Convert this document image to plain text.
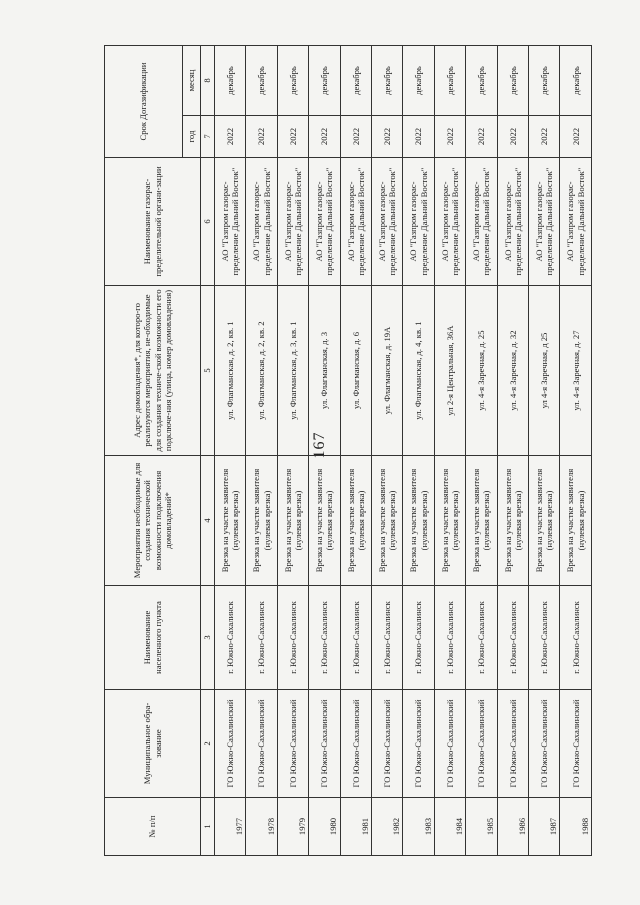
167
№ п/п	Муниципальное обра-зование	Наименование населенного пункта	Мероприятия необходимые для создания технической возможности подключения домовладений*	Адрес домовладения*, для которо-го реализуются мероприятия, не-обходимые для создания техниче-ской возможности его подключе-ния (улица, номер домовладения)	Наименование газорас-пределительной органи-зации	Срок Догазификации	
						год	месяц
1	2	3	4	5	6	7	8
1977	ГО Южно-Сахалинский	г. Южно-Сахалинск	Врезка на участке заявителя (нулевая врезка)	ул. Флагманская, д. 2, кв. 1	АО "Газпром газорас-пределение Дальний Восток"	2022	декабрь
1978	ГО Южно-Сахалинский	г. Южно-Сахалинск	Врезка на участке заявителя (нулевая врезка)	ул. Флагманская, д. 2, кв. 2	АО "Газпром газорас-пределение Дальний Восток"	2022	декабрь
1979	ГО Южно-Сахалинский	г. Южно-Сахалинск	Врезка на участке заявителя (нулевая врезка)	ул. Флагманская, д. 3, кв. 1	АО "Газпром газорас-пределение Дальний Восток"	2022	декабрь
1980	ГО Южно-Сахалинский	г. Южно-Сахалинск	Врезка на участке заявителя (нулевая врезка)	ул. Флагманская, д. 3	АО "Газпром газорас-пределение Дальний Восток"	2022	декабрь
1981	ГО Южно-Сахалинский	г. Южно-Сахалинск	Врезка на участке заявителя (нулевая врезка)	ул. Флагманская, д. 6	АО "Газпром газорас-пределение Дальний Восток"	2022	декабрь
1982	ГО Южно-Сахалинский	г. Южно-Сахалинск	Врезка на участке заявителя (нулевая врезка)	ул. Флагманская, д. 19А	АО "Газпром газорас-пределение Дальний Восток"	2022	декабрь
1983	ГО Южно-Сахалинский	г. Южно-Сахалинск	Врезка на участке заявителя (нулевая врезка)	ул. Флагманская, д. 4, кв. 1	АО "Газпром газорас-пределение Дальний Восток"	2022	декабрь
1984	ГО Южно-Сахалинский	г. Южно-Сахалинск	Врезка на участке заявителя (нулевая врезка)	ул 2-я Центральная, 36А	АО "Газпром газорас-пределение Дальний Восток"	2022	декабрь
1985	ГО Южно-Сахалинский	г. Южно-Сахалинск	Врезка на участке заявителя (нулевая врезка)	ул. 4-я Заречная, д. 25	АО "Газпром газорас-пределение Дальний Восток"	2022	декабрь
1986	ГО Южно-Сахалинский	г. Южно-Сахалинск	Врезка на участке заявителя (нулевая врезка)	ул. 4-я Заречная, д. 32	АО "Газпром газорас-пределение Дальний Восток"	2022	декабрь
1987	ГО Южно-Сахалинский	г. Южно-Сахалинск	Врезка на участке заявителя (нулевая врезка)	ул 4-я Заречная, д 25	АО "Газпром газорас-пределение Дальний Восток"	2022	декабрь
1988	ГО Южно-Сахалинский	г. Южно-Сахалинск	Врезка на участке заявителя (нулевая врезка)	ул. 4-я Заречная, д. 27	АО "Газпром газорас-пределение Дальний Восток"	2022	декабрь
